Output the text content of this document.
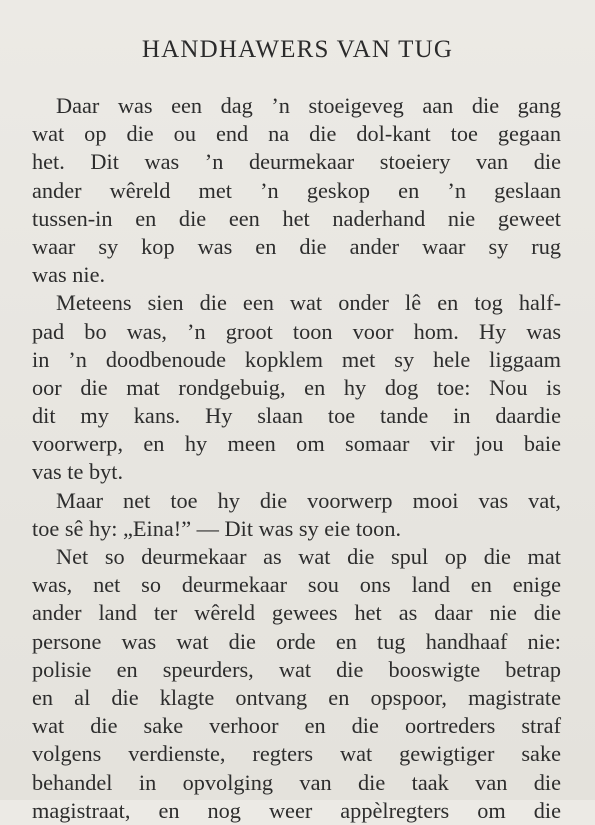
HANDHAWERS VAN TUG
Daar was een dag ’n stoeigeveg aan die gang
wat op die ou end na die dol-kant toe gegaan
het. Dit was ’n deurmekaar stoeiery van die
ander wêreld met ’n geskop en ’n geslaan
tussen-in en die een het naderhand nie geweet
waar sy kop was en die ander waar sy rug
was nie.
Meteens sien die een wat onder lê en tog half-
pad bo was, ’n groot toon voor hom. Hy was
in ’n doodbenoude kopklem met sy hele liggaam
oor die mat rondgebuig, en hy dog toe: Nou is
dit my kans. Hy slaan toe tande in daardie
voorwerp, en hy meen om somaar vir jou baie
vas te byt.
Maar net toe hy die voorwerp mooi vas vat,
toe sê hy: „Eina!” — Dit was sy eie toon.
Net so deurmekaar as wat die spul op die mat
was, net so deurmekaar sou ons land en enige
ander land ter wêreld gewees het as daar nie die
persone was wat die orde en tug handhaaf nie:
polisie en speurders, wat die booswigte betrap
en al die klagte ontvang en opspoor, magistrate
wat die sake verhoor en die oortreders straf
volgens verdienste, regters wat gewigtiger sake
behandel in opvolging van die taak van die
magistraat, en nog weer appèlregters om die
